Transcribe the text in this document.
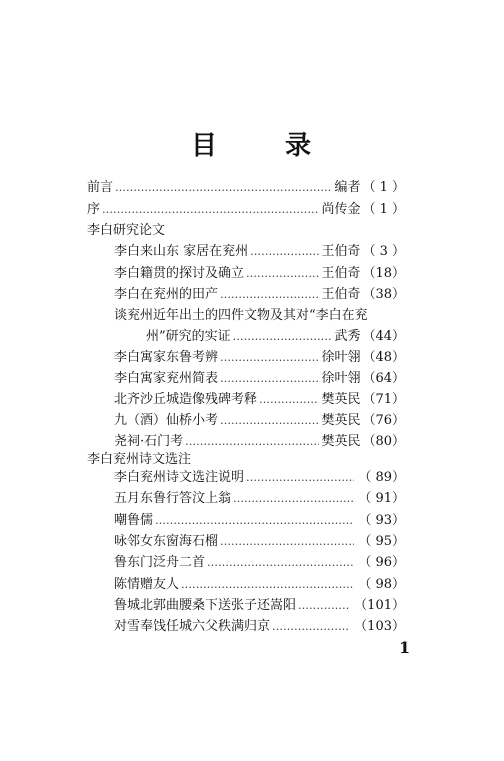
目	录
前言 ……………………………………………………………………………………………………………………………………………………	编者 （ 1 ）
序 ……………………………………………………………………………………………………………………………………………………	尚传金 （ 1 ）
李白研究论文
李白来山东 家居在兖州 ……………………………………………………………………………………………………………………………………………………	王伯奇 （ 3 ）
李白籍贯的探讨及确立 ……………………………………………………………………………………………………………………………………………………	王伯奇 （18）
李白在兖州的田产 ……………………………………………………………………………………………………………………………………………………	王伯奇 （38）
谈兖州近年出土的四件文物及其对“李白在兖
州”研究的实证 ……………………………………………………………………………………………………………………………………………………	武秀 （44）
李白寓家东鲁考辨 ……………………………………………………………………………………………………………………………………………………	徐叶翎 （48）
李白寓家兖州简表 ……………………………………………………………………………………………………………………………………………………	徐叶翎 （64）
北齐沙丘城造像残碑考释 ……………………………………………………………………………………………………………………………………………………	樊英民 （71）
九（酒）仙桥小考 ……………………………………………………………………………………………………………………………………………………	樊英民 （76）
尧祠·石门考 ……………………………………………………………………………………………………………………………………………………	樊英民 （80）
李白兖州诗文选注
李白兖州诗文选注说明 ……………………………………………………………………………………………………………………………………………………	（ 89）
五月东鲁行答汶上翁 ……………………………………………………………………………………………………………………………………………………	（ 91）
嘲鲁儒 ……………………………………………………………………………………………………………………………………………………	（ 93）
咏邻女东窗海石榴 ……………………………………………………………………………………………………………………………………………………	（ 95）
鲁东门泛舟二首 ……………………………………………………………………………………………………………………………………………………	（ 96）
陈情赠友人 ……………………………………………………………………………………………………………………………………………………	（ 98）
鲁城北郭曲腰桑下送张子还嵩阳 ……………………………………………………………………………………………………………………………………………………	（101）
对雪奉饯任城六父秩满归京 ……………………………………………………………………………………………………………………………………………………	（103）
1
